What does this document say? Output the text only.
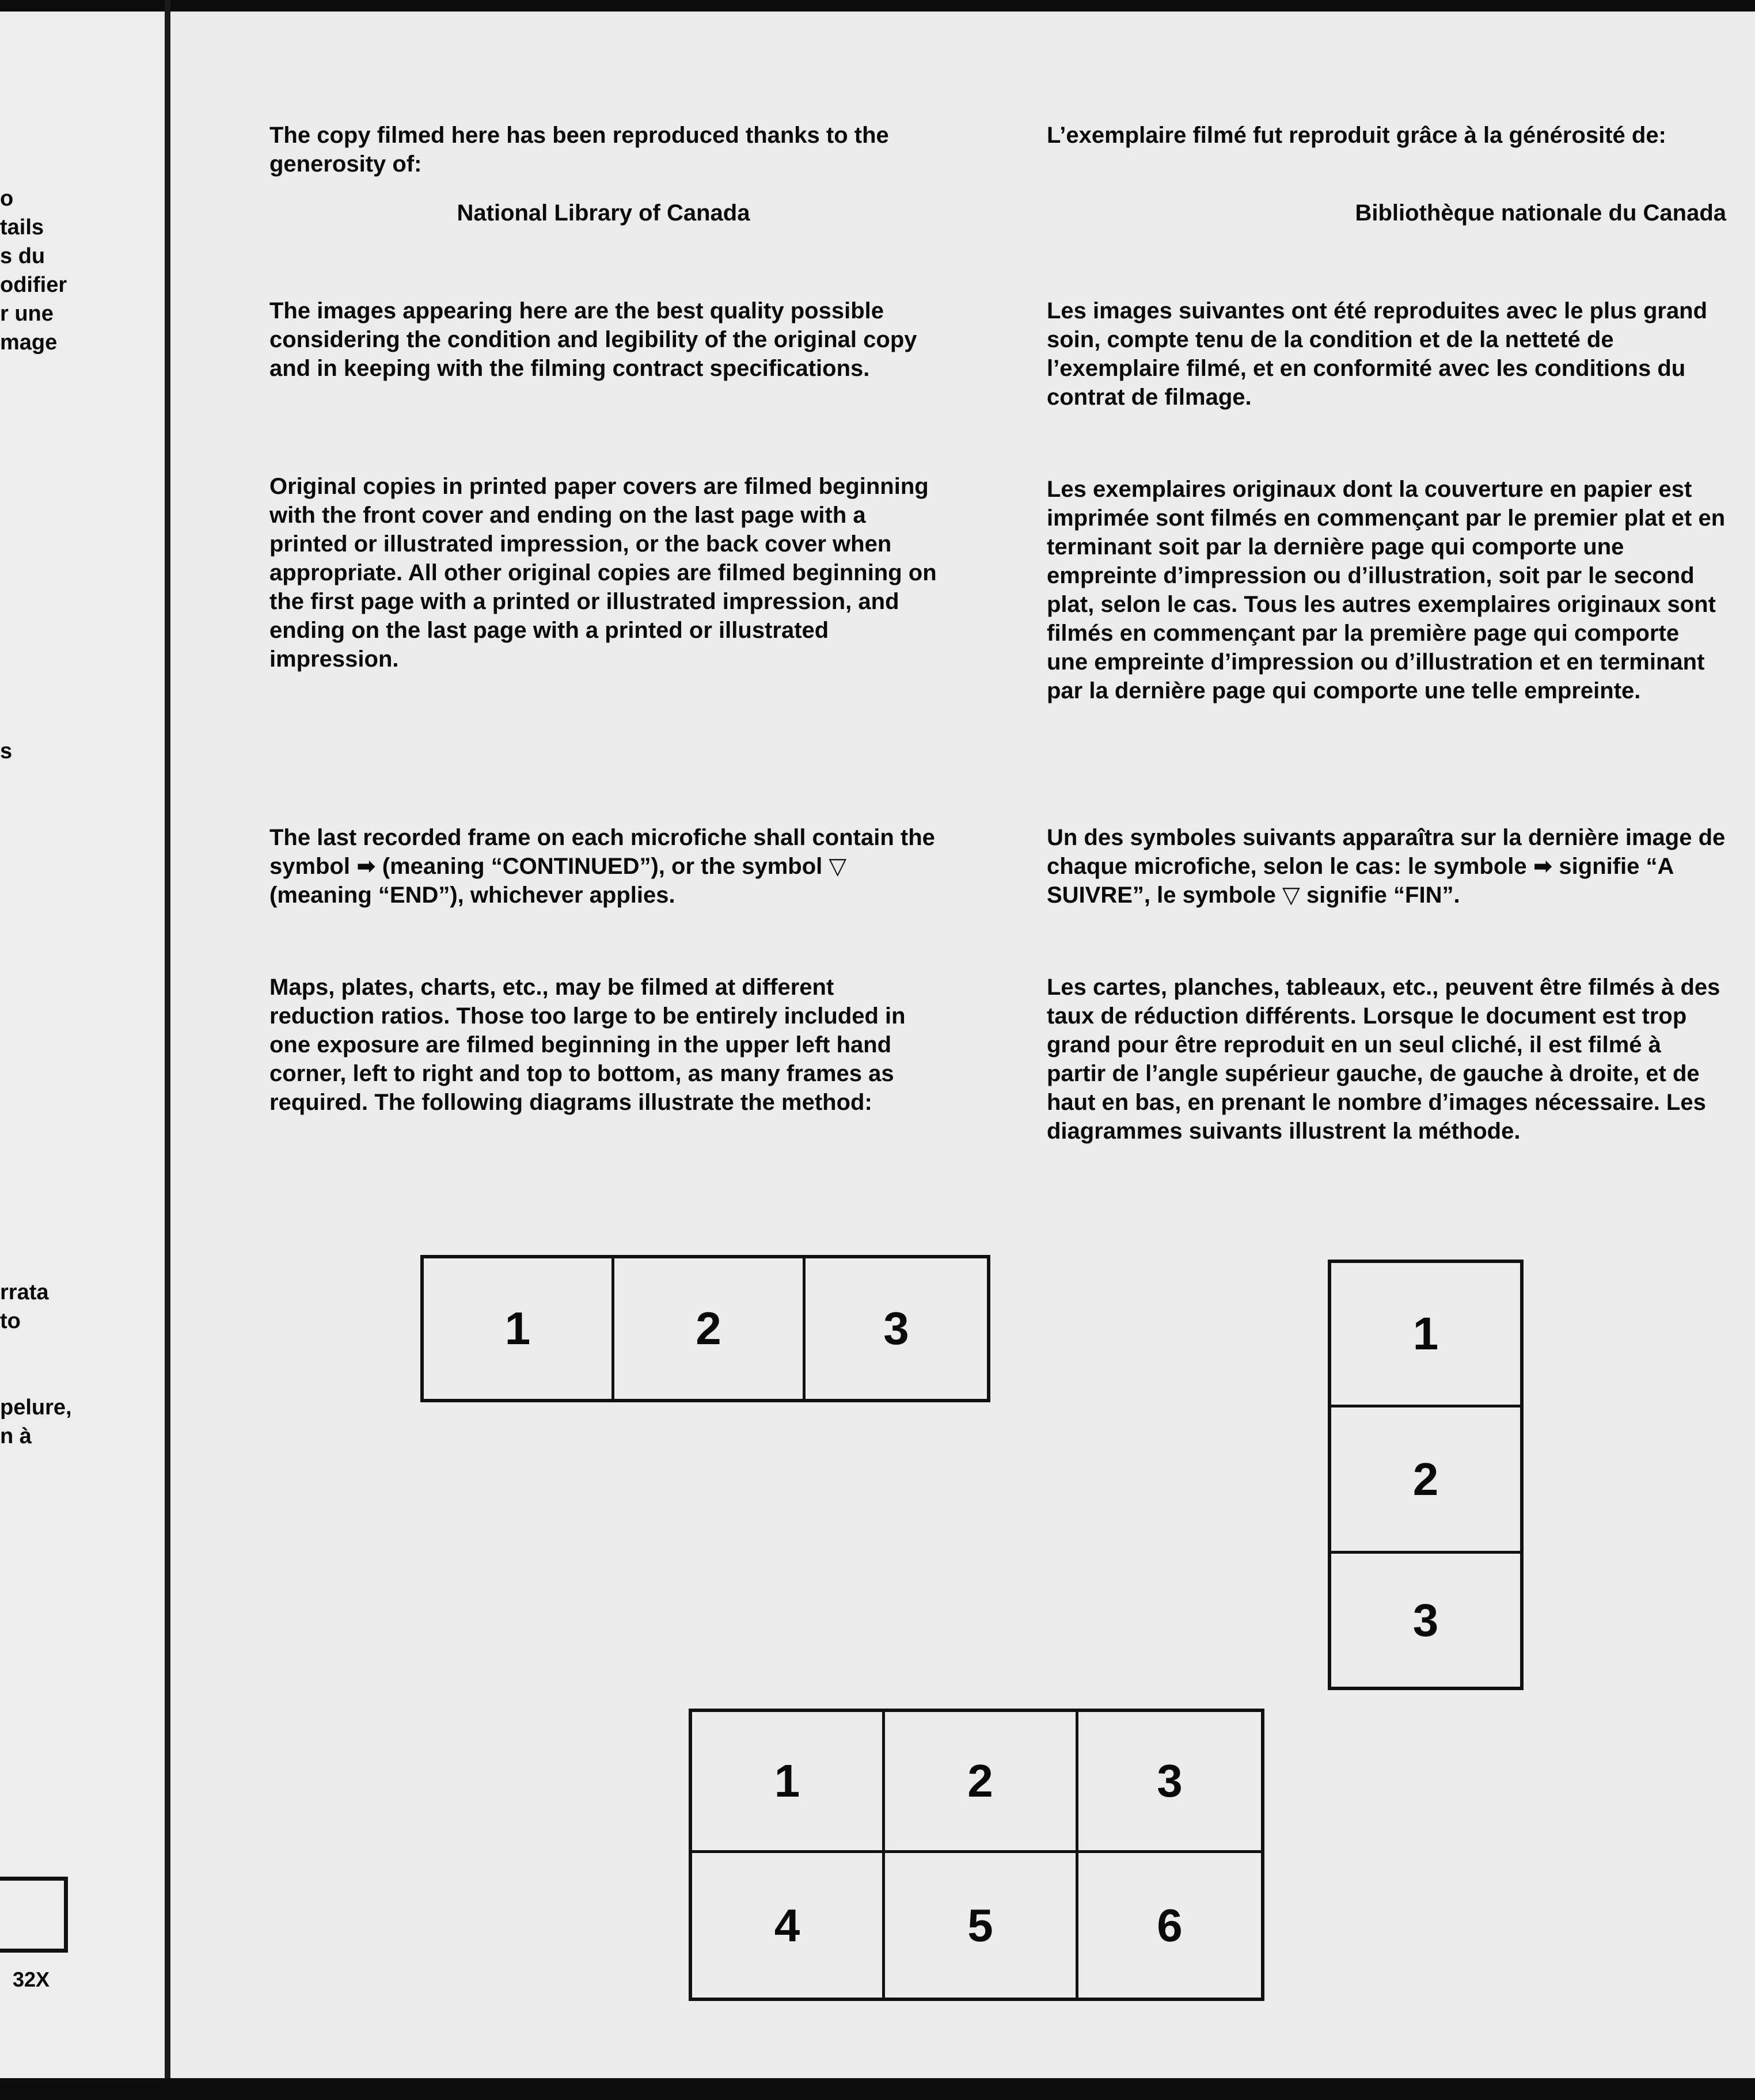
o
tails
s du
odifier
r une
mage
s
rrata
to
pelure,
n à
32X
The copy filmed here has been reproduced thanks to the generosity of:
National Library of Canada
The images appearing here are the best quality possible considering the condition and legibility of the original copy and in keeping with the filming contract specifications.
Original copies in printed paper covers are filmed beginning with the front cover and ending on the last page with a printed or illustrated impression, or the back cover when appropriate. All other original copies are filmed beginning on the first page with a printed or illustrated impression, and ending on the last page with a printed or illustrated impression.
The last recorded frame on each microfiche shall contain the symbol ➡ (meaning “CONTINUED”), or the symbol ▽ (meaning “END”), whichever applies.
Maps, plates, charts, etc., may be filmed at different reduction ratios. Those too large to be entirely included in one exposure are filmed beginning in the upper left hand corner, left to right and top to bottom, as many frames as required. The following diagrams illustrate the method:
L’exemplaire filmé fut reproduit grâce à la générosité de:
Bibliothèque nationale du Canada
Les images suivantes ont été reproduites avec le plus grand soin, compte tenu de la condition et de la netteté de l’exemplaire filmé, et en conformité avec les conditions du contrat de filmage.
Les exemplaires originaux dont la couverture en papier est imprimée sont filmés en commençant par le premier plat et en terminant soit par la dernière page qui comporte une empreinte d’impression ou d’illustration, soit par le second plat, selon le cas. Tous les autres exemplaires originaux sont filmés en commençant par la première page qui comporte une empreinte d’impression ou d’illustration et en terminant par la dernière page qui comporte une telle empreinte.
Un des symboles suivants apparaîtra sur la dernière image de chaque microfiche, selon le cas: le symbole ➡ signifie “A SUIVRE”, le symbole ▽ signifie “FIN”.
Les cartes, planches, tableaux, etc., peuvent être filmés à des taux de réduction différents. Lorsque le document est trop grand pour être reproduit en un seul cliché, il est filmé à partir de l’angle supérieur gauche, de gauche à droite, et de haut en bas, en prenant le nombre d’images nécessaire. Les diagrammes suivants illustrent la méthode.
1	2	3	1
2
3
1	2	3
4	5	6
